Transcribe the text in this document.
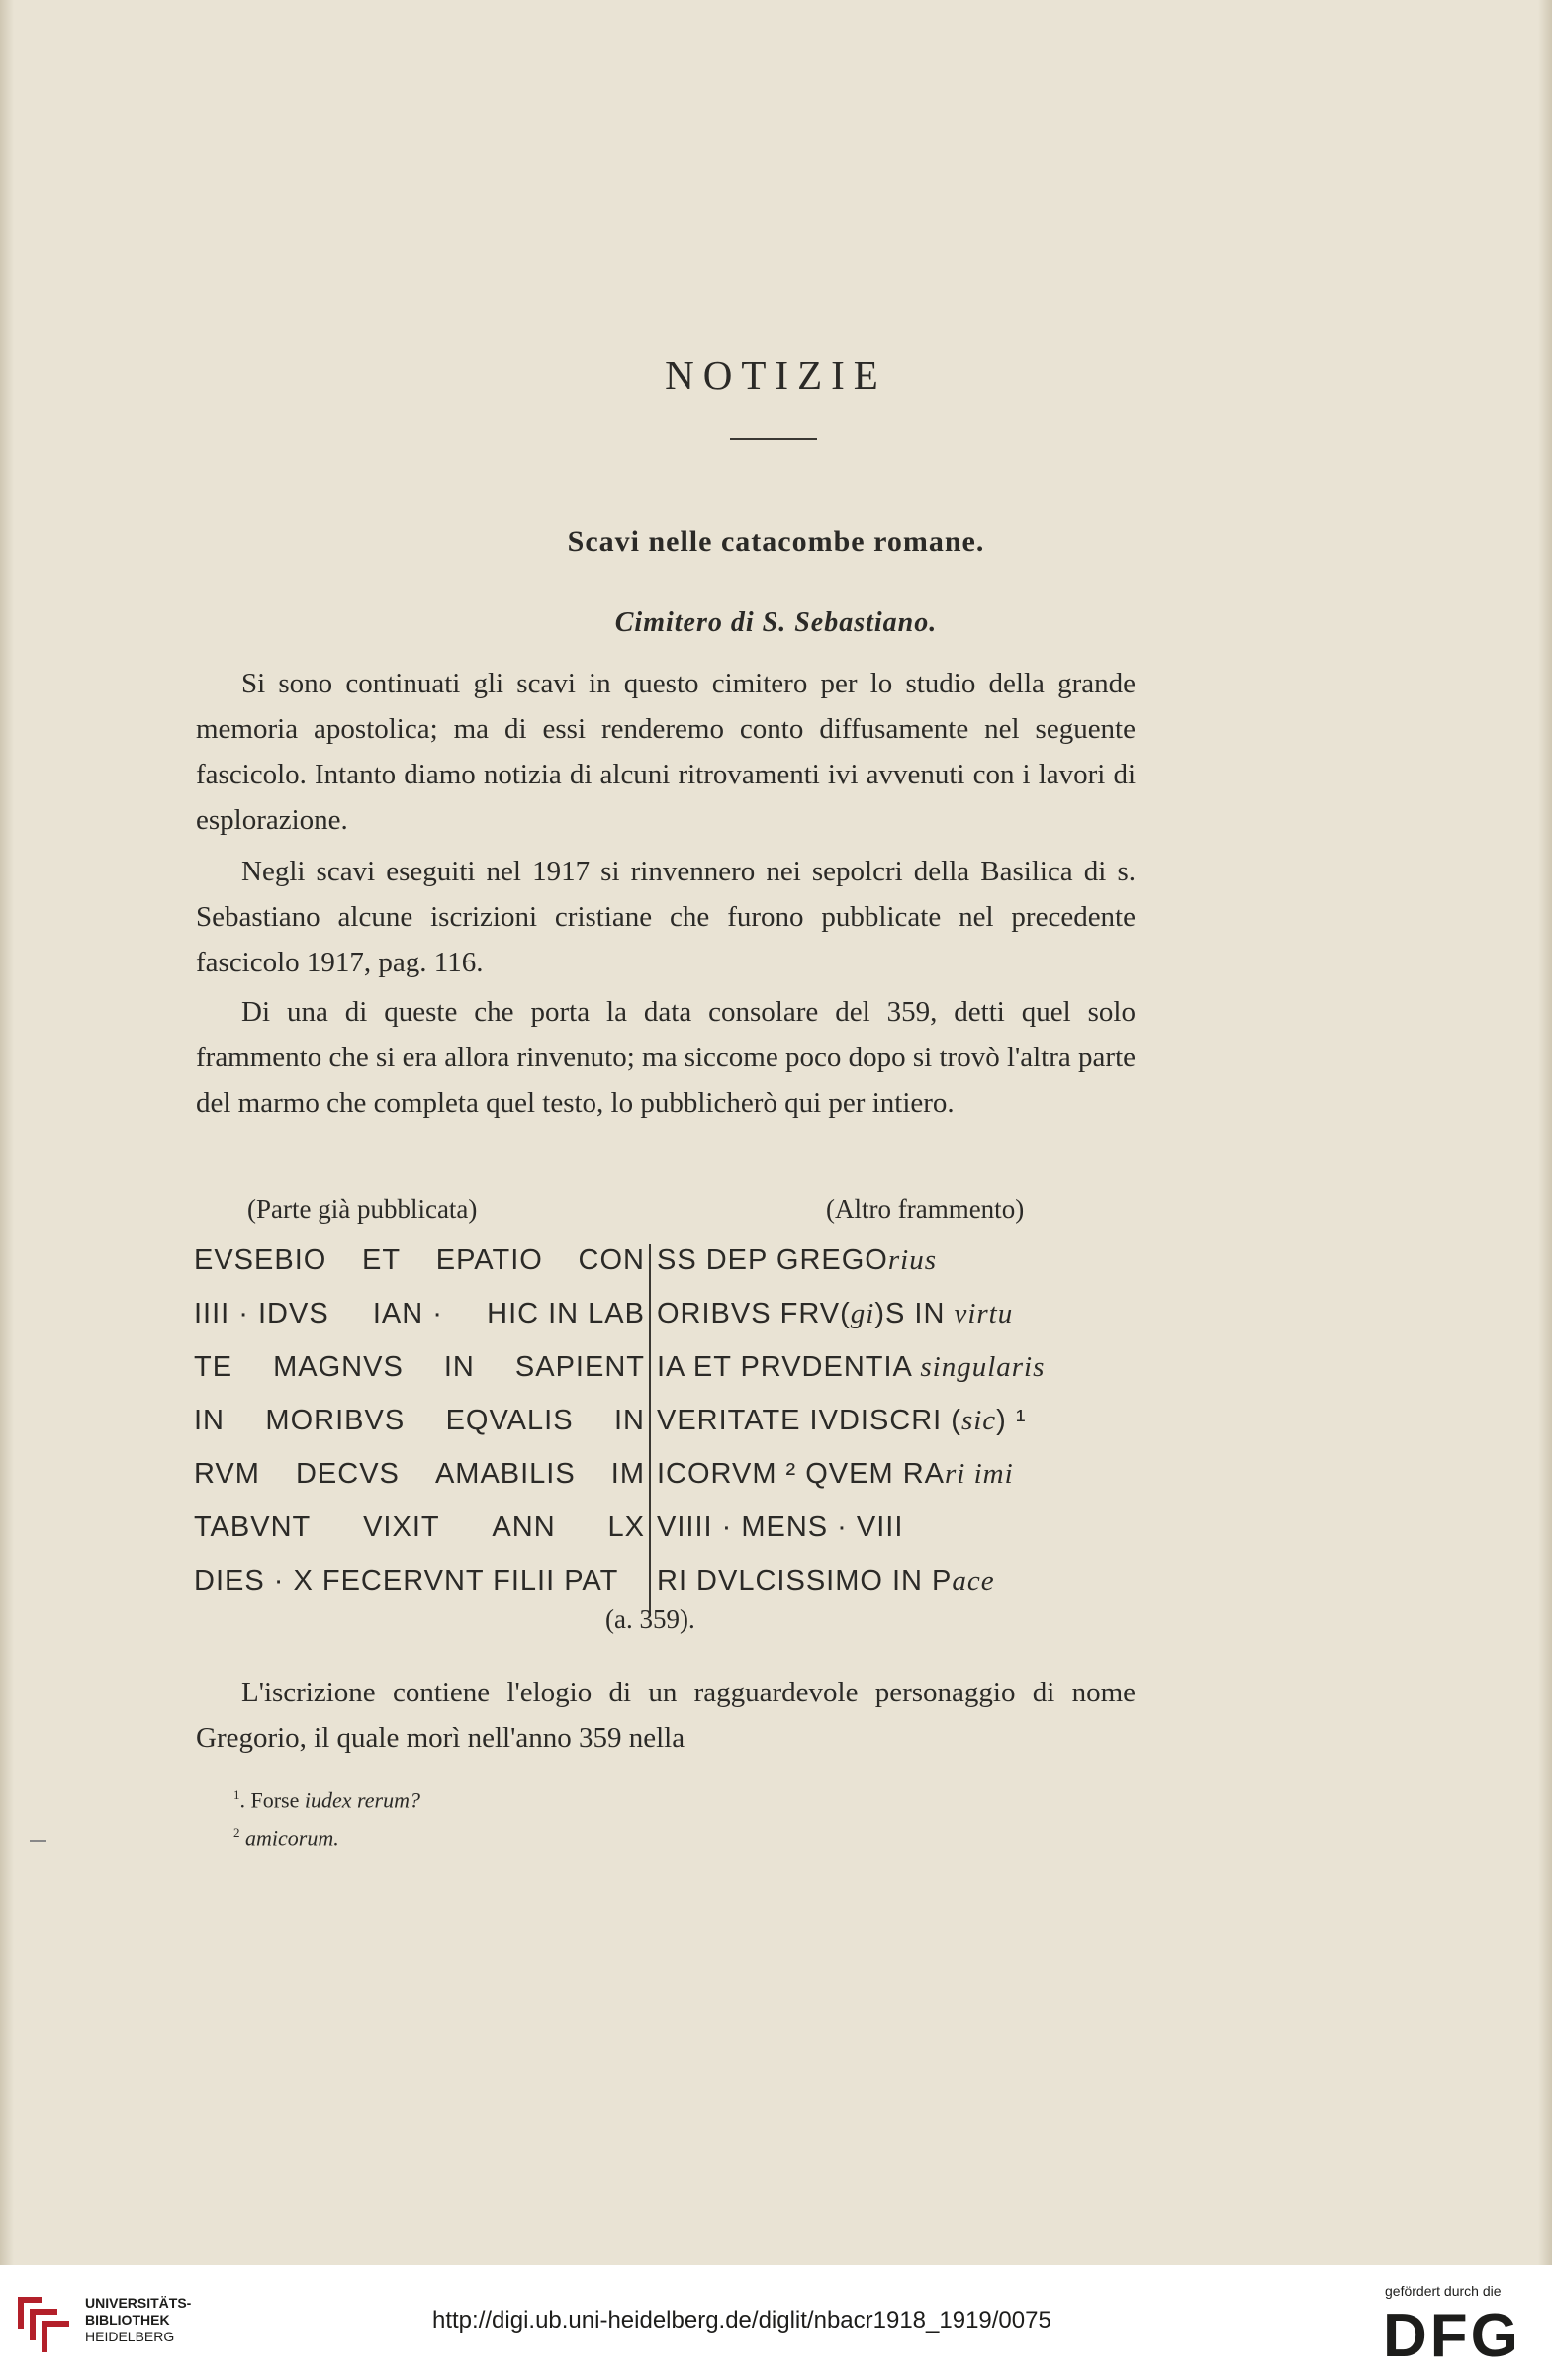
NOTIZIE
Scavi nelle catacombe romane.
Cimitero di S. Sebastiano.

Si sono continuati gli scavi in questo cimitero per lo studio della grande memoria apostolica; ma di essi renderemo conto diffusamente nel seguente fascicolo. Intanto diamo notizia di alcuni ritrovamenti ivi avvenuti con i lavori di esplorazione.

Negli scavi eseguiti nel 1917 si rinvennero nei sepolcri della Basilica di s. Sebastiano alcune iscrizioni cristiane che furono pubblicate nel precedente fascicolo 1917, pag. 116.

Di una di queste che porta la data consolare del 359, detti quel solo frammento che si era allora rinvenuto; ma siccome poco dopo si trovò l'altra parte del marmo che completa quel testo, lo pubblicherò qui per intiero.

(Parte già pubblicata)	(Altro frammento)
EVSEBIO ET EPATIO CON SS DEP GREGOrius
IIII · IDVS IAN · HIC IN LAB ORIBVS FRV(gi)S IN virtu
TE MAGNVS IN SAPIENT IA ET PRVDENTIA singularis
IN MORIBVS EQVALIS IN VERITATE IVDISCRI (sic) ¹
RVM DECVS AMABILIS IM ICORVM ² QVEM RAri imi
TABVNT VIXIT ANN LX VIIII · MENS · VIII
DIES · X FECERVNT FILII PAT RI DVLCISSIMO IN Pace
(a. 359).

L'iscrizione contiene l'elogio di un ragguardevole personaggio di nome Gregorio, il quale morì nell'anno 359 nella

$^1$. Forse iudex rerum?
$^2$ amicorum.
UNIVERSITÄTS-
BIBLIOTHEK
HEIDELBERG
http://digi.ub.uni-heidelberg.de/diglit/nbacr1918_1919/0075
gefördert durch die
DFG
